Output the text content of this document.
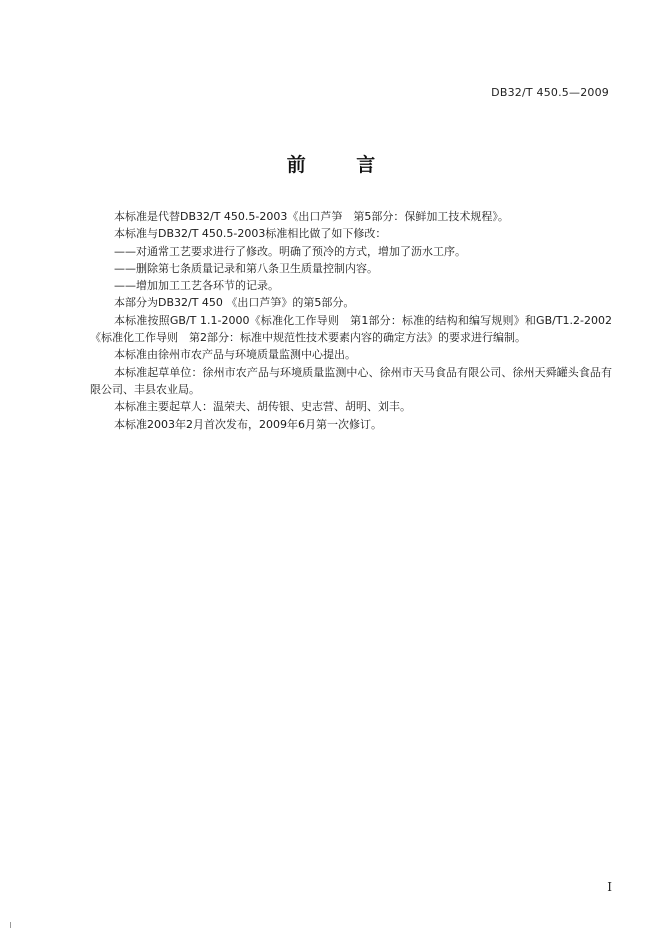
DB32/T 450.5—2009
前 言

本标准是代替DB32/T 450.5-2003《出口芦笋　第5部分：保鲜加工技术规程》。

本标准与DB32/T 450.5-2003标准相比做了如下修改：

——对通常工艺要求进行了修改。明确了预冷的方式，增加了沥水工序。

——删除第七条质量记录和第八条卫生质量控制内容。

——增加加工工艺各环节的记录。

本部分为DB32/T 450 《出口芦笋》的第5部分。

本标准按照GB/T 1.1-2000《标准化工作导则　第1部分：标准的结构和编写规则》和GB/T1.2-2002《标准化工作导则　第2部分：标准中规范性技术要素内容的确定方法》的要求进行编制。

本标准由徐州市农产品与环境质量监测中心提出。

本标准起草单位：徐州市农产品与环境质量监测中心、徐州市天马食品有限公司、徐州天舜罐头食品有限公司、丰县农业局。

本标准主要起草人：温荣夫、胡传银、史志营、胡明、刘丰。

本标准2003年2月首次发布，2009年6月第一次修订。

I
